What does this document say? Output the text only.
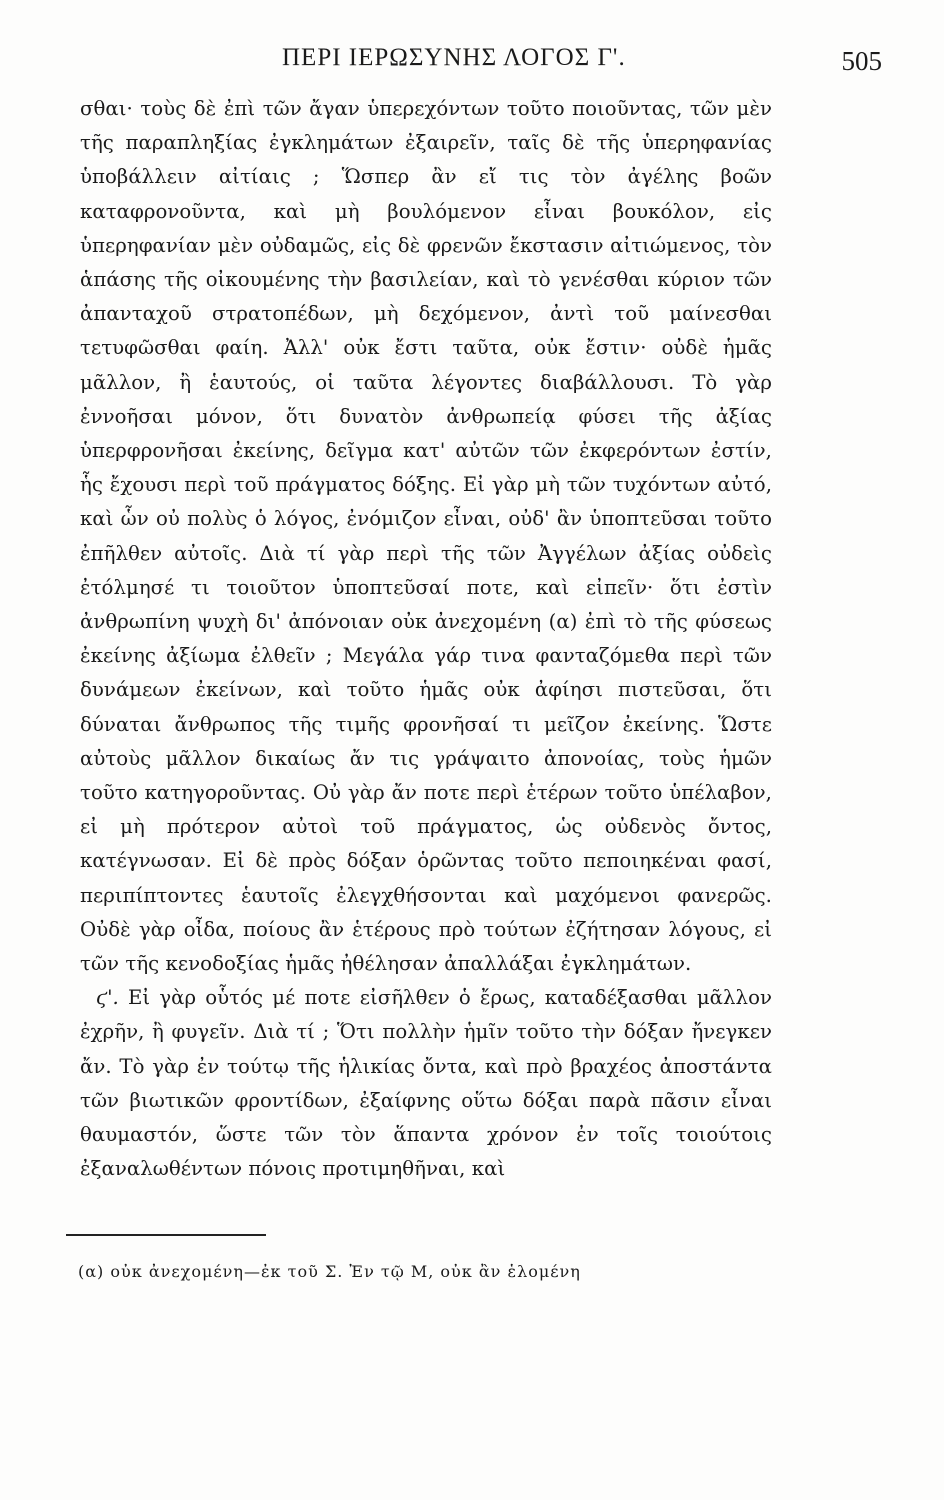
ΠΕΡΙ ΙΕΡΩΣΥΝΗΣ ΛΟΓΟΣ Γ'.	505

σθαι· τοὺς δὲ ἐπὶ τῶν ἄγαν ὑπερεχόντων τοῦτο ποιοῦντας, τῶν μὲν τῆς παραπληξίας ἐγκλημάτων ἐξαιρεῖν, ταῖς δὲ τῆς ὑπερηφανίας ὑποβάλλειν αἰτίαις ; Ὥσπερ ἂν εἴ τις τὸν ἀγέλης βοῶν καταφρονοῦντα, καὶ μὴ βουλόμενον εἶναι βουκόλον, εἰς ὑπερηφανίαν μὲν οὐδαμῶς, εἰς δὲ φρενῶν ἔκστασιν αἰτιώμενος, τὸν ἁπάσης τῆς οἰκουμένης τὴν βασιλείαν, καὶ τὸ γενέσθαι κύριον τῶν ἀπανταχοῦ στρατοπέδων, μὴ δεχόμενον, ἀντὶ τοῦ μαίνεσθαι τετυφῶσθαι φαίη. Ἀλλ' οὐκ ἔστι ταῦτα, οὐκ ἔστιν· οὐδὲ ἡμᾶς μᾶλλον, ἢ ἑαυτούς, οἱ ταῦτα λέγοντες διαβάλλουσι. Τὸ γὰρ ἐννοῆσαι μόνον, ὅτι δυνατὸν ἀνθρωπείᾳ φύσει τῆς ἀξίας ὑπερφρονῆσαι ἐκείνης, δεῖγμα κατ' αὐτῶν τῶν ἐκφερόντων ἐστίν, ἧς ἔχουσι περὶ τοῦ πράγματος δόξης. Εἰ γὰρ μὴ τῶν τυχόντων αὐτό, καὶ ὧν οὐ πολὺς ὁ λόγος, ἐνόμιζον εἶναι, οὐδ' ἂν ὑποπτεῦσαι τοῦτο ἐπῆλθεν αὐτοῖς. Διὰ τί γὰρ περὶ τῆς τῶν Ἀγγέλων ἀξίας οὐδεὶς ἐτόλμησέ τι τοιοῦτον ὑποπτεῦσαί ποτε, καὶ εἰπεῖν· ὅτι ἐστὶν ἀνθρωπίνη ψυχὴ δι' ἀπόνοιαν οὐκ ἀνεχομένη (α) ἐπὶ τὸ τῆς φύσεως ἐκείνης ἀξίωμα ἐλθεῖν ; Μεγάλα γάρ τινα φανταζόμεθα περὶ τῶν δυνάμεων ἐκείνων, καὶ τοῦτο ἡμᾶς οὐκ ἀφίησι πιστεῦσαι, ὅτι δύναται ἄνθρωπος τῆς τιμῆς φρονῆσαί τι μεῖζον ἐκείνης. Ὥστε αὐτοὺς μᾶλλον δικαίως ἄν τις γράψαιτο ἀπονοίας, τοὺς ἡμῶν τοῦτο κατηγοροῦντας. Οὐ γὰρ ἄν ποτε περὶ ἑτέρων τοῦτο ὑπέλαβον, εἰ μὴ πρότερον αὐτοὶ τοῦ πράγματος, ὡς οὐδενὸς ὄντος, κατέγνωσαν. Εἰ δὲ πρὸς δόξαν ὁρῶντας τοῦτο πεποιηκέναι φασί, περιπίπτοντες ἑαυτοῖς ἐλεγχθήσονται καὶ μαχόμενοι φανερῶς. Οὐδὲ γὰρ οἶδα, ποίους ἂν ἑτέρους πρὸ τούτων ἐζήτησαν λόγους, εἰ τῶν τῆς κενοδοξίας ἡμᾶς ἠθέλησαν ἀπαλλάξαι ἐγκλημάτων.

ϛ'. Εἰ γὰρ οὗτός μέ ποτε εἰσῆλθεν ὁ ἔρως, καταδέξασθαι μᾶλλον ἐχρῆν, ἢ φυγεῖν. Διὰ τί ; Ὅτι πολλὴν ἡμῖν τοῦτο τὴν δόξαν ἤνεγκεν ἄν. Τὸ γὰρ ἐν τούτῳ τῆς ἡλικίας ὄντα, καὶ πρὸ βραχέος ἀποστάντα τῶν βιωτικῶν φροντίδων, ἐξαίφνης οὕτω δόξαι παρὰ πᾶσιν εἶναι θαυμαστόν, ὥστε τῶν τὸν ἅπαντα χρόνον ἐν τοῖς τοιούτοις ἐξαναλωθέντων πόνοις προτιμηθῆναι, καὶ

(α) οὐκ ἀνεχομένη—ἐκ τοῦ Σ. Ἐν τῷ Μ, οὐκ ἂν ἑλομένη
